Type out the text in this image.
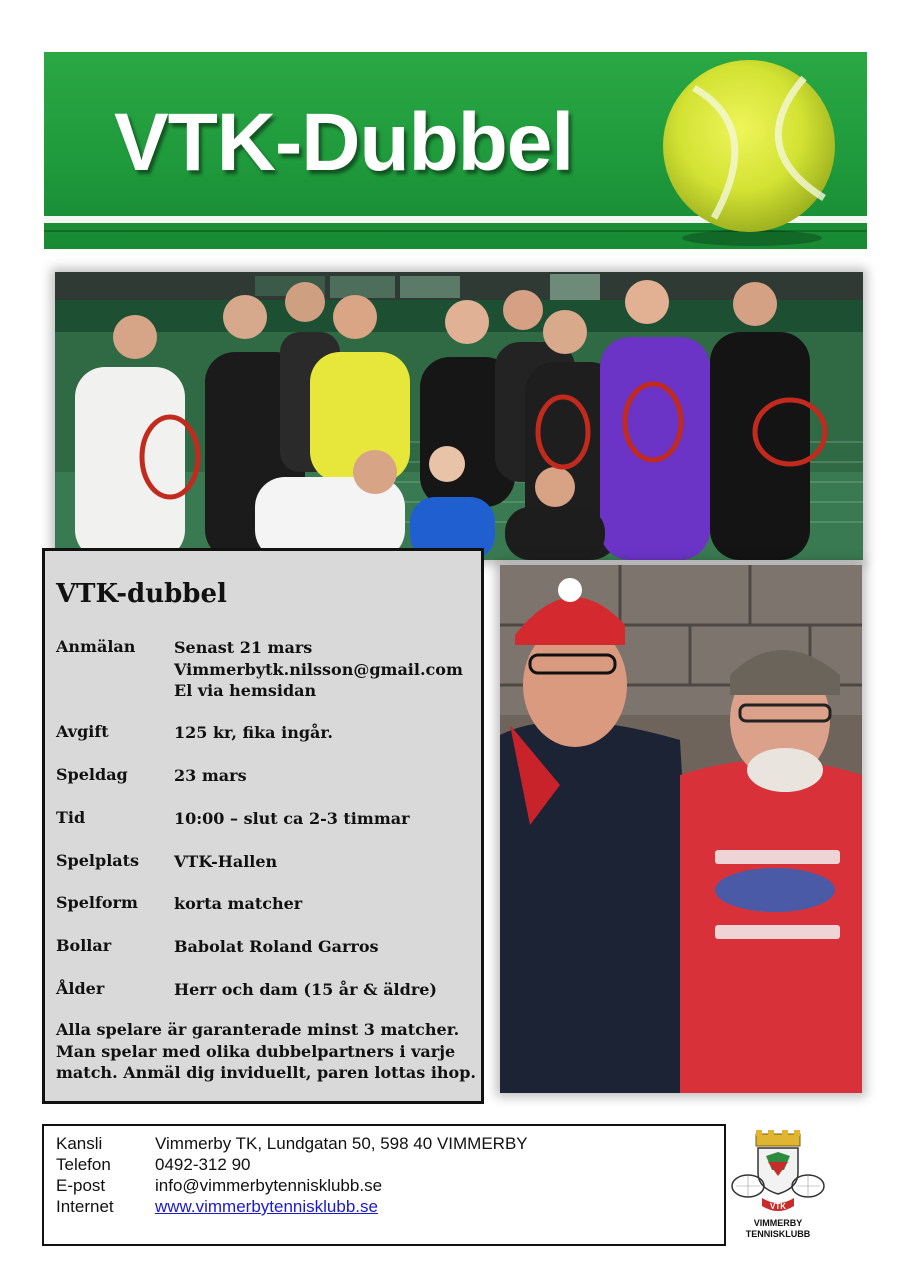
VTK-Dubbel
VTK-dubbel
Anmälan	Senast 21 mars
Vimmerbytk.nilsson@gmail.com
El via hemsidan
Avgift	125 kr, fika ingår.
Speldag	23 mars
Tid	10:00 – slut ca 2-3 timmar
Spelplats	VTK-Hallen
Spelform	korta matcher
Bollar	Babolat Roland Garros
Ålder	Herr och dam (15 år & äldre)
Alla spelare är garanterade minst 3 matcher.
Man spelar med olika dubbelpartners i varje
match. Anmäl dig inviduellt, paren lottas ihop.
Kansli	Vimmerby TK, Lundgatan 50, 598 40 VIMMERBY
Telefon	0492-312 90
E-post	info@vimmerbytennisklubb.se
Internet	www.vimmerbytennisklubb.se	VTK
VIMMERBY
TENNISKLUBB
